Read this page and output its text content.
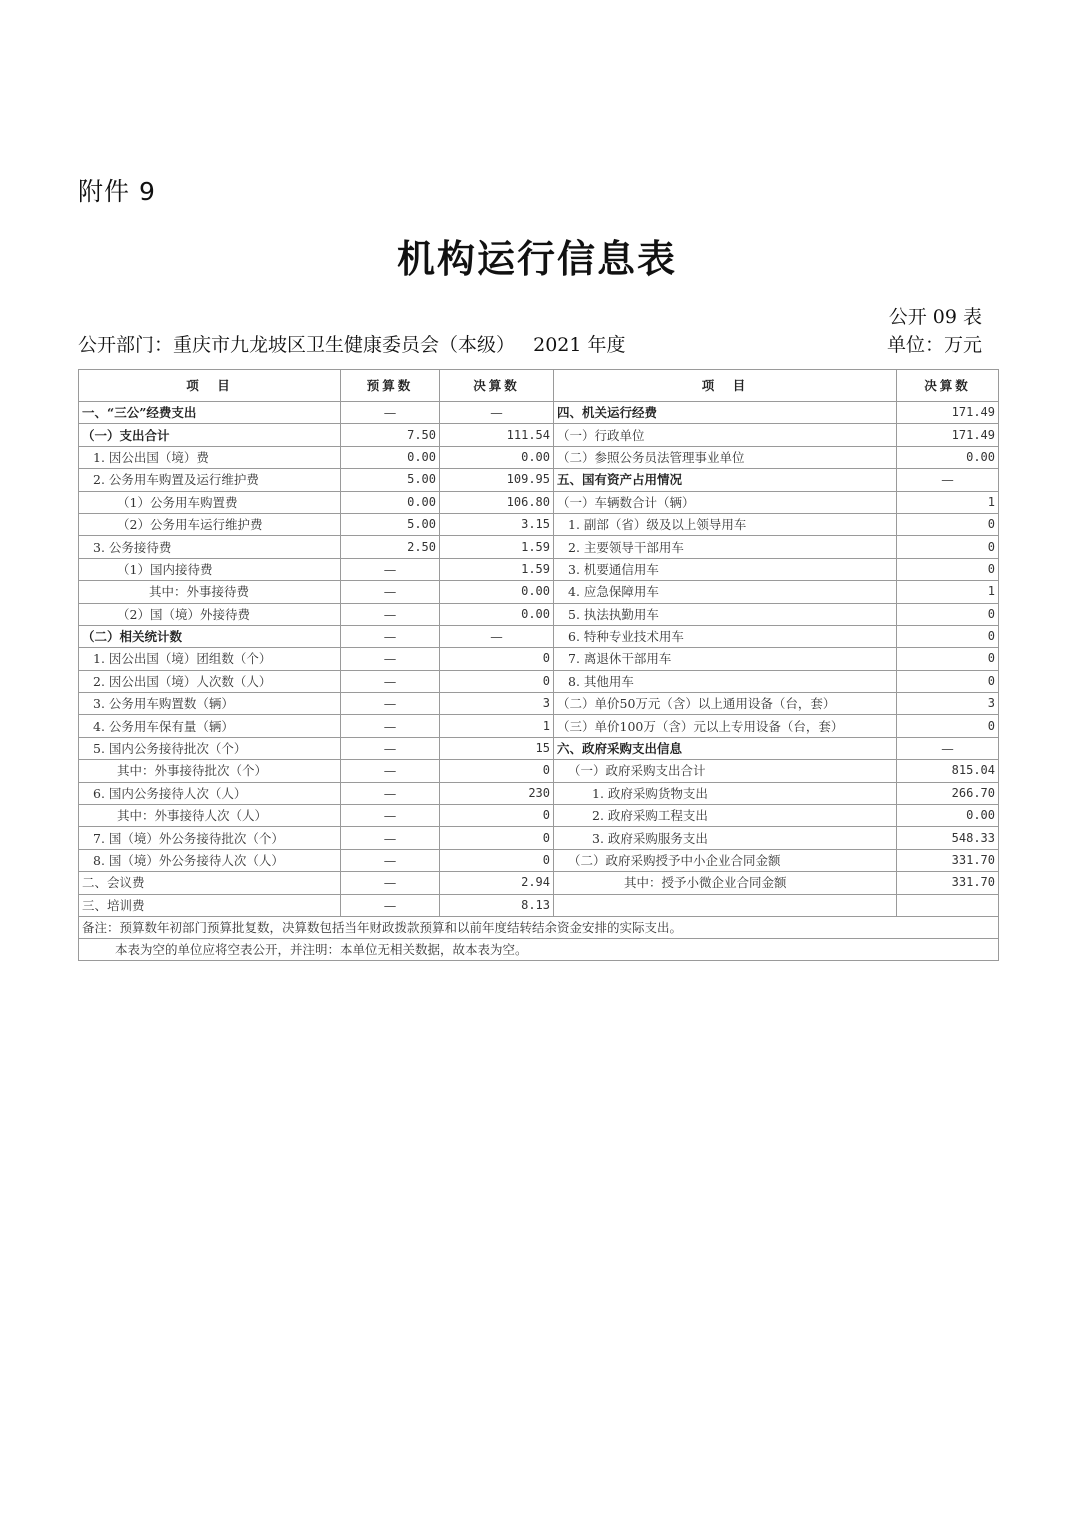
附件 9
机构运行信息表
公开 09 表
公开部门：重庆市九龙坡区卫生健康委员会（本级）   2021 年度	单位：万元
项　目	预算数	决算数	项　目	决算数
一、“三公”经费支出	—	—	四、机关运行经费	171.49
（一）支出合计	7.50	111.54	（一）行政单位	171.49
1. 因公出国（境）费	0.00	0.00	（二）参照公务员法管理事业单位	0.00
2. 公务用车购置及运行维护费	5.00	109.95	五、国有资产占用情况	—
（1）公务用车购置费	0.00	106.80	（一）车辆数合计（辆）	1
（2）公务用车运行维护费	5.00	3.15	1. 副部（省）级及以上领导用车	0
3. 公务接待费	2.50	1.59	2. 主要领导干部用车	0
（1）国内接待费	—	1.59	3. 机要通信用车	0
其中：外事接待费	—	0.00	4. 应急保障用车	1
（2）国（境）外接待费	—	0.00	5. 执法执勤用车	0
（二）相关统计数	—	—	6. 特种专业技术用车	0
1. 因公出国（境）团组数（个）	—	0	7. 离退休干部用车	0
2. 因公出国（境）人次数（人）	—	0	8. 其他用车	0
3. 公务用车购置数（辆）	—	3	（二）单价50万元（含）以上通用设备（台，套）	3
4. 公务用车保有量（辆）	—	1	（三）单价100万（含）元以上专用设备（台，套）	0
5. 国内公务接待批次（个）	—	15	六、政府采购支出信息	—
其中：外事接待批次（个）	—	0	（一）政府采购支出合计	815.04
6. 国内公务接待人次（人）	—	230	1. 政府采购货物支出	266.70
其中：外事接待人次（人）	—	0	2. 政府采购工程支出	0.00
7. 国（境）外公务接待批次（个）	—	0	3. 政府采购服务支出	548.33
8. 国（境）外公务接待人次（人）	—	0	（二）政府采购授予中小企业合同金额	331.70
二、会议费	—	2.94	其中：授予小微企业合同金额	331.70
三、培训费	—	8.13		
备注：预算数年初部门预算批复数，决算数包括当年财政拨款预算和以前年度结转结余资金安排的实际支出。				
本表为空的单位应将空表公开，并注明：本单位无相关数据，故本表为空。				
